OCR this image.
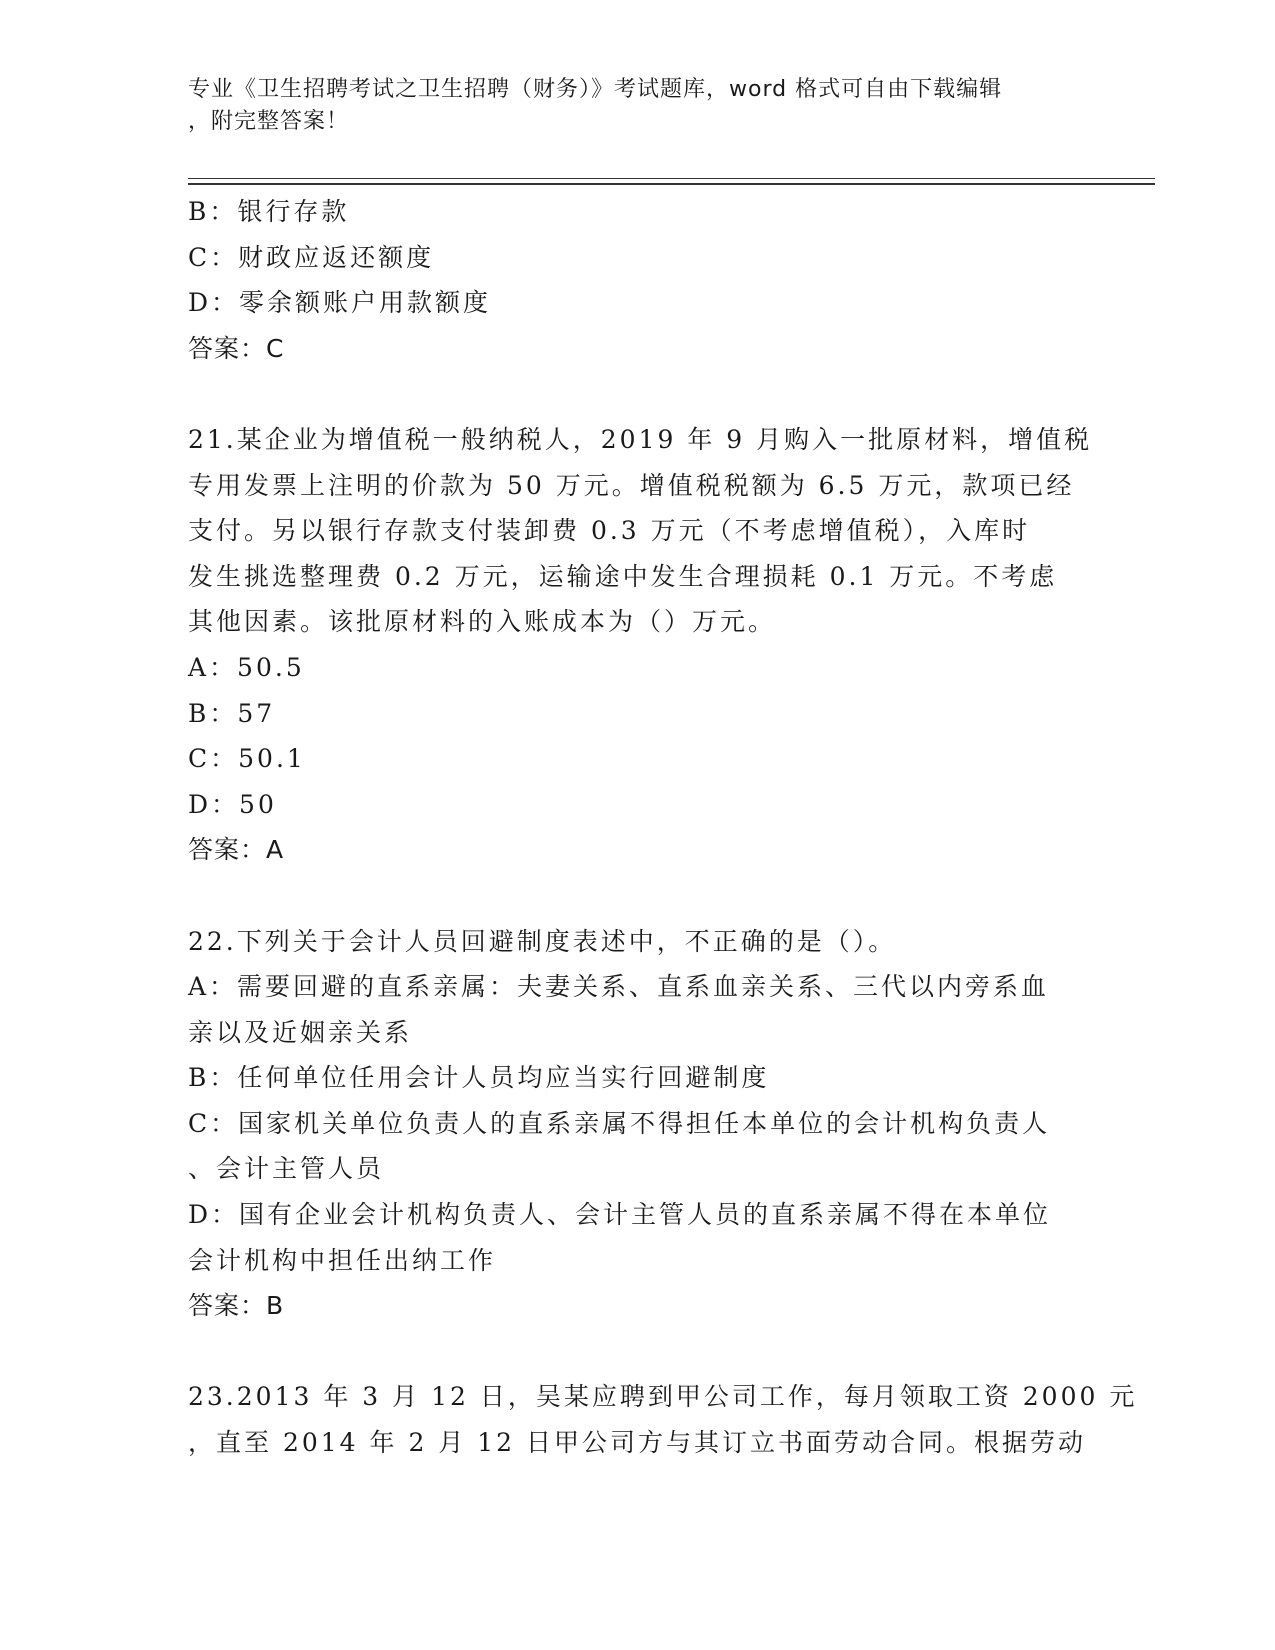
专业《卫生招聘考试之卫生招聘（财务）》考试题库，word 格式可自由下载编辑
，附完整答案！
B：银行存款
C：财政应返还额度
D：零余额账户用款额度
答案：C
21.某企业为增值税一般纳税人，2019 年 9 月购入一批原材料，增值税
专用发票上注明的价款为 50 万元。增值税税额为 6.5 万元，款项已经
支付。另以银行存款支付装卸费 0.3 万元（不考虑增值税），入库时
发生挑选整理费 0.2 万元，运输途中发生合理损耗 0.1 万元。不考虑
其他因素。该批原材料的入账成本为（）万元。
A：50.5
B：57
C：50.1
D：50
答案：A
22.下列关于会计人员回避制度表述中，不正确的是（）。
A：需要回避的直系亲属：夫妻关系、直系血亲关系、三代以内旁系血
亲以及近姻亲关系
B：任何单位任用会计人员均应当实行回避制度
C：国家机关单位负责人的直系亲属不得担任本单位的会计机构负责人
、会计主管人员
D：国有企业会计机构负责人、会计主管人员的直系亲属不得在本单位
会计机构中担任出纳工作
答案：B
23.2013 年 3 月 12 日，吴某应聘到甲公司工作，每月领取工资 2000 元
，直至 2014 年 2 月 12 日甲公司方与其订立书面劳动合同。根据劳动
